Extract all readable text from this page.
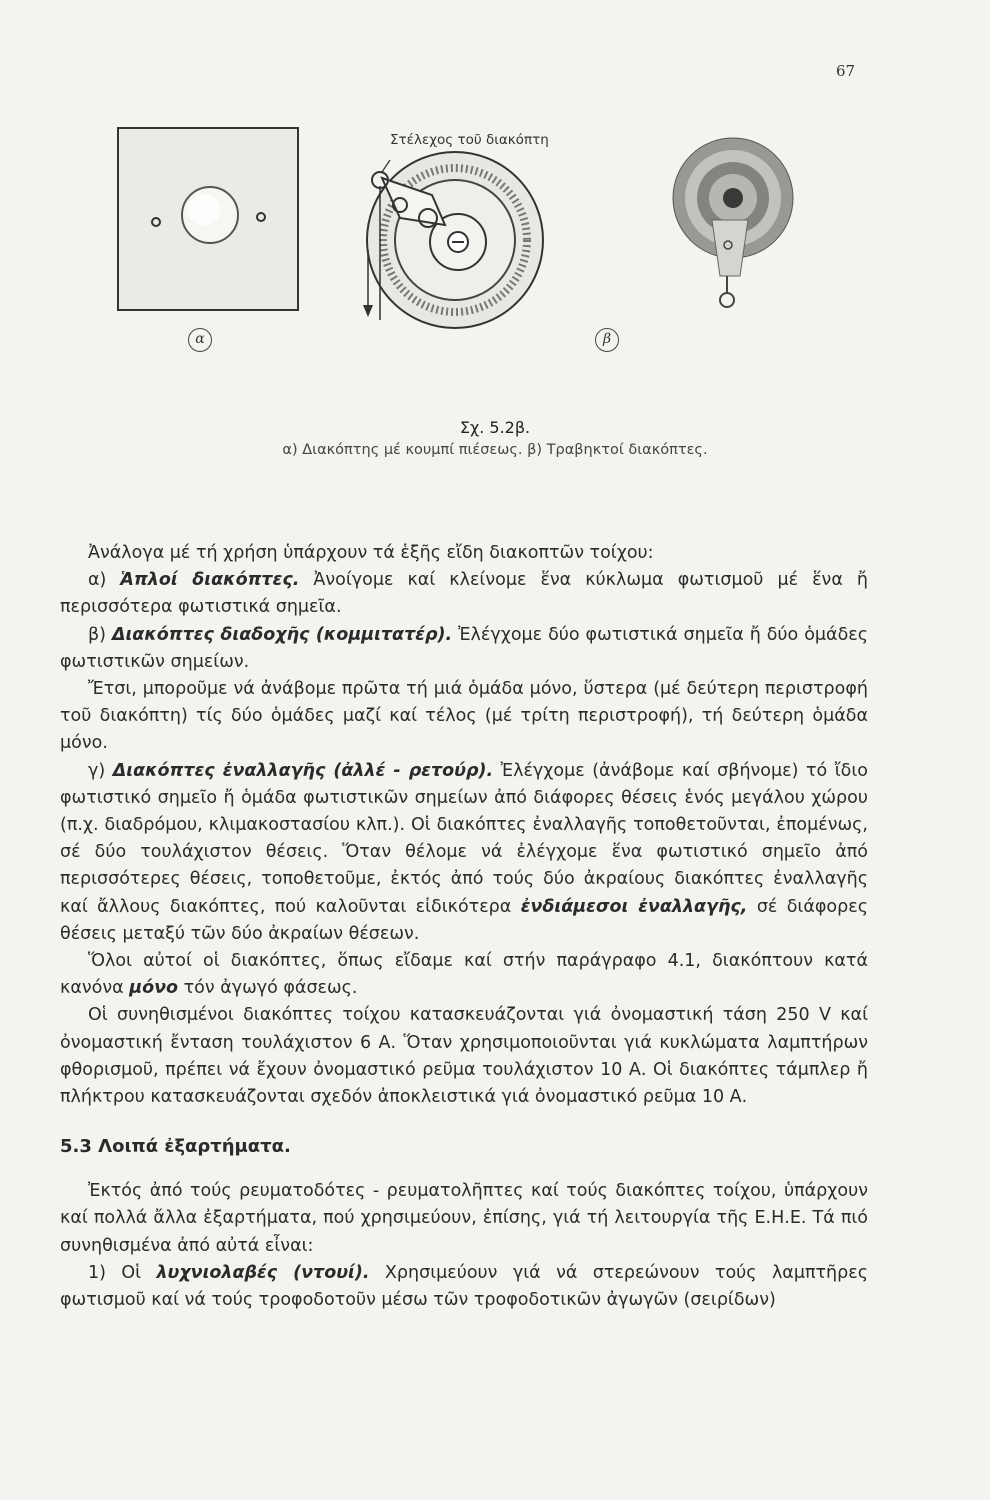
67
Στέλεχος τοῦ διακόπτη
α	β
Σχ. 5.2β.
α) Διακόπτης μέ κουμπί πιέσεως. β) Τραβηκτοί διακόπτες.

Ἀνάλογα μέ τή χρήση ὑπάρχουν τά ἑξῆς εἴδη διακοπτῶν τοίχου:

α) Ἁπλοί διακόπτες. Ἀνοίγομε καί κλείνομε ἕνα κύκλωμα φωτισμοῦ μέ ἕνα ἤ περισσότερα φωτιστικά σημεῖα.

β) Διακόπτες διαδοχῆς (κομμιτατέρ). Ἐλέγχομε δύο φωτιστικά σημεῖα ἤ δύο ὁμάδες φωτιστικῶν σημείων.

Ἔτσι, μποροῦμε νά ἀνάβομε πρῶτα τή μιά ὁμάδα μόνο, ὕστερα (μέ δεύτερη περιστροφή τοῦ διακόπτη) τίς δύο ὁμάδες μαζί καί τέλος (μέ τρίτη περιστροφή), τή δεύτερη ὁμάδα μόνο.

γ) Διακόπτες ἐναλλαγῆς (ἀλλέ - ρετούρ). Ἐλέγχομε (ἀνάβομε καί σβήνομε) τό ἴδιο φωτιστικό σημεῖο ἤ ὁμάδα φωτιστικῶν σημείων ἀπό διάφορες θέσεις ἑνός μεγάλου χώρου (π.χ. διαδρόμου, κλιμακοστασίου κλπ.). Οἱ διακόπτες ἐναλλαγῆς τοποθετοῦνται, ἐπομένως, σέ δύο τουλάχιστον θέσεις. Ὅταν θέλομε νά ἐλέγχομε ἕνα φωτιστικό σημεῖο ἀπό περισσότερες θέσεις, τοποθετοῦμε, ἐκτός ἀπό τούς δύο ἀκραίους διακόπτες ἐναλλαγῆς καί ἄλλους διακόπτες, πού καλοῦνται εἰδικότερα ἐνδιάμεσοι ἐναλλαγῆς, σέ διάφορες θέσεις μεταξύ τῶν δύο ἀκραίων θέσεων.

Ὅλοι αὐτοί οἱ διακόπτες, ὅπως εἴδαμε καί στήν παράγραφο 4.1, διακόπτουν κατά κανόνα μόνο τόν ἀγωγό φάσεως.

Οἱ συνηθισμένοι διακόπτες τοίχου κατασκευάζονται γιά ὀνομαστική τάση 250 V καί ὀνομαστική ἔνταση τουλάχιστον 6 Α. Ὅταν χρησιμοποιοῦνται γιά κυκλώματα λαμπτήρων φθορισμοῦ, πρέπει νά ἔχουν ὀνομαστικό ρεῦμα τουλάχιστον 10 Α. Οἱ διακόπτες τάμπλερ ἤ πλήκτρου κατασκευάζονται σχεδόν ἀποκλειστικά γιά ὀνομαστικό ρεῦμα 10 Α.

5.3 Λοιπά ἐξαρτήματα.

Ἐκτός ἀπό τούς ρευματοδότες - ρευματολῆπτες καί τούς διακόπτες τοίχου, ὑπάρχουν καί πολλά ἄλλα ἐξαρτήματα, πού χρησιμεύουν, ἐπίσης, γιά τή λειτουργία τῆς Ε.Η.Ε. Τά πιό συνηθισμένα ἀπό αὐτά εἶναι:

1) Οἱ λυχνιολαβές (ντουί). Χρησιμεύουν γιά νά στερεώνουν τούς λαμπτῆρες φωτισμοῦ καί νά τούς τροφοδοτοῦν μέσω τῶν τροφοδοτικῶν ἀγωγῶν (σειρίδων)
